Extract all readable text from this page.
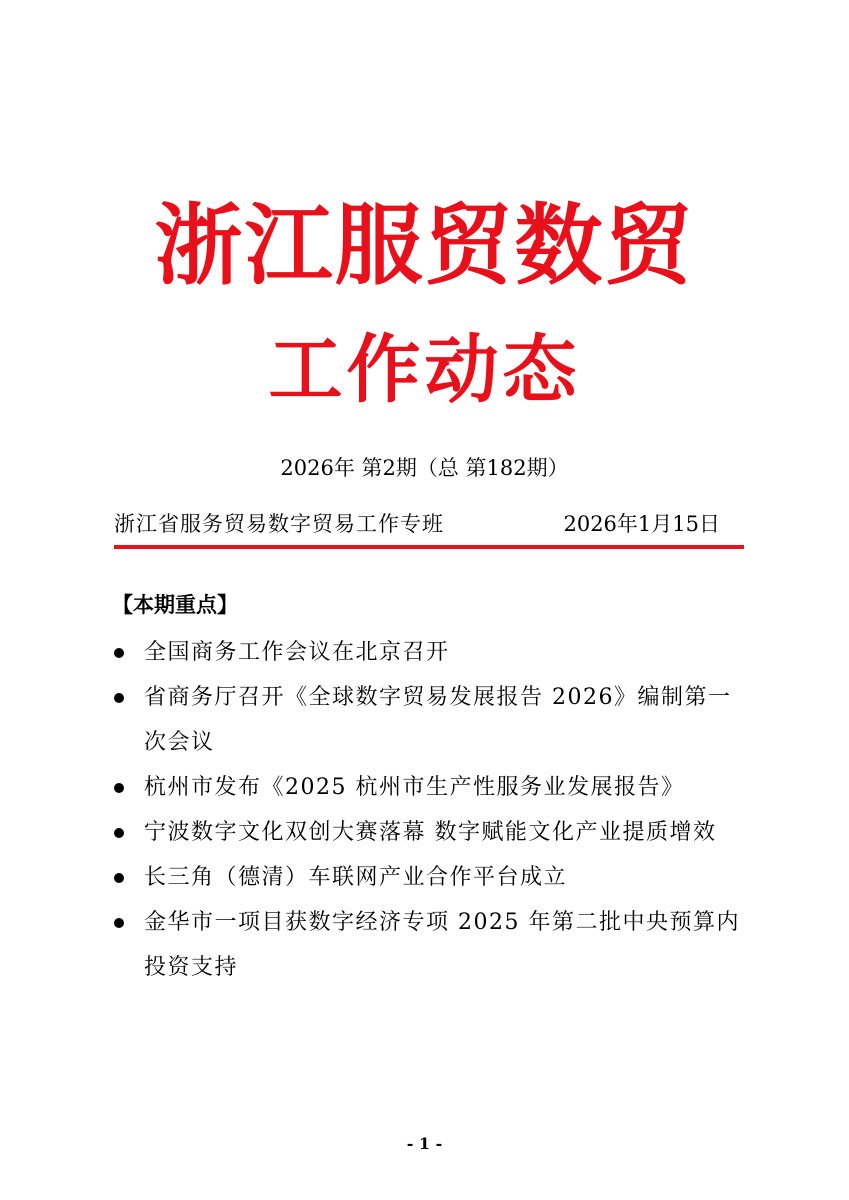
浙江服贸数贸
工作动态
2026年 第2期（总 第182期）
浙江省服务贸易数字贸易工作专班	2026年1月15日
【本期重点】
全国商务工作会议在北京召开
省商务厅召开《全球数字贸易发展报告 2026》编制第一次会议
杭州市发布《2025 杭州市生产性服务业发展报告》
宁波数字文化双创大赛落幕 数字赋能文化产业提质增效
长三角（德清）车联网产业合作平台成立
金华市一项目获数字经济专项 2025 年第二批中央预算内投资支持
- 1 -
